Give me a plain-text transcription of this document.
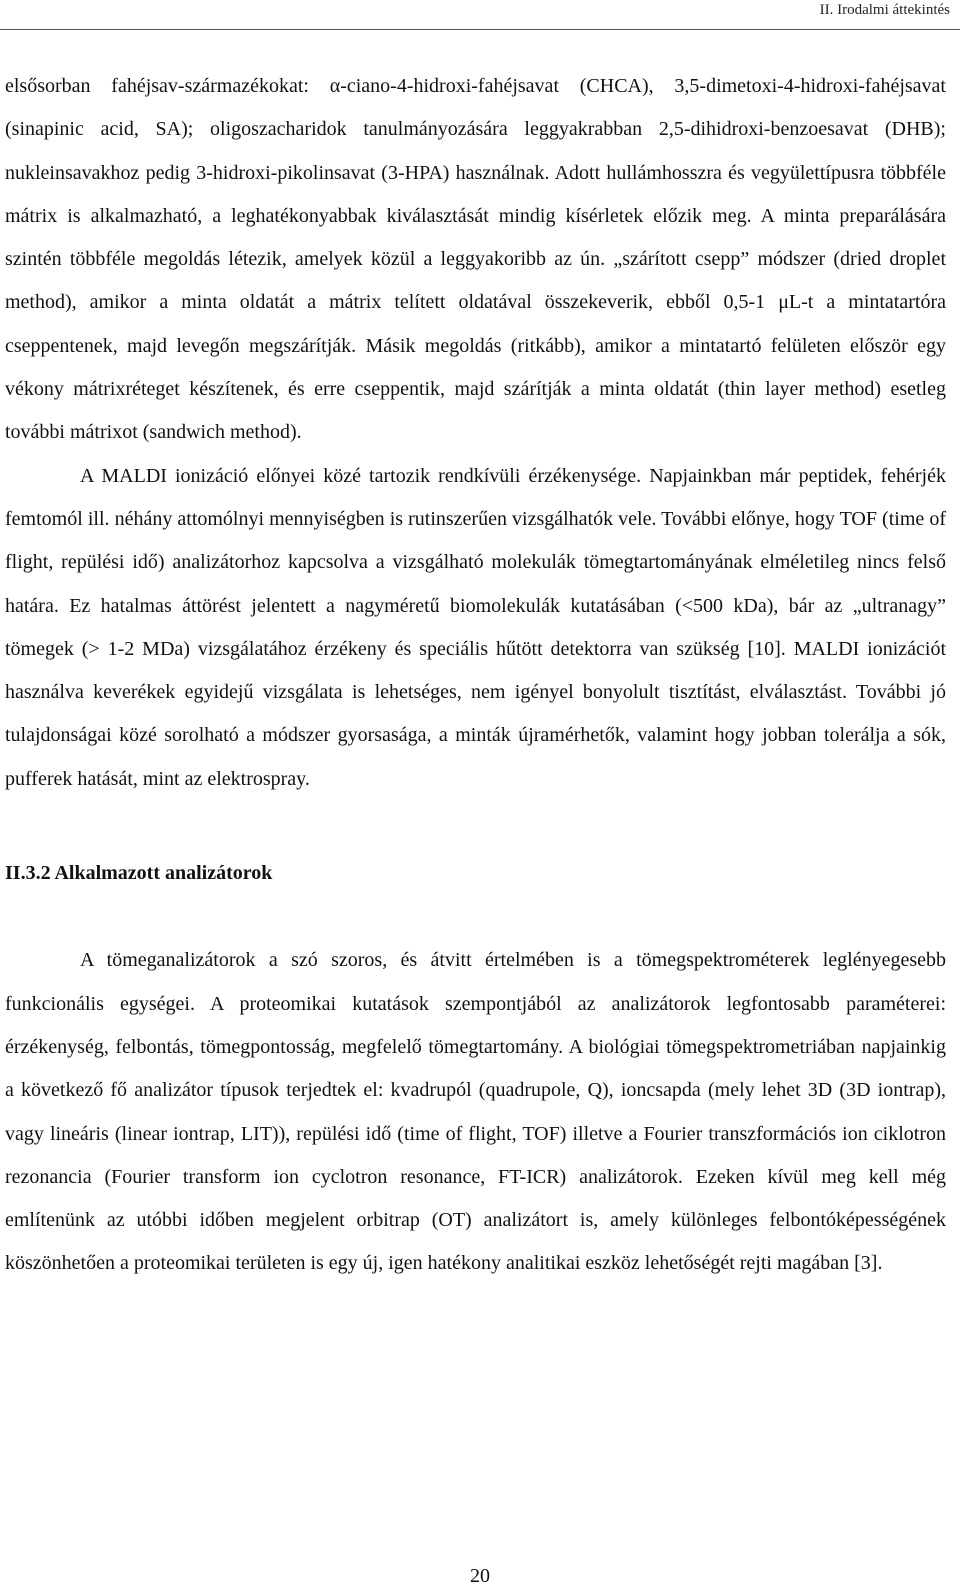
II. Irodalmi áttekintés

elsősorban fahéjsav-származékokat: α-ciano-4-hidroxi-fahéjsavat (CHCA), 3,5-dimetoxi-4-hidroxi-fahéjsavat (sinapinic acid, SA); oligoszacharidok tanulmányozására leggyakrabban 2,5-dihidroxi-benzoesavat (DHB); nukleinsavakhoz pedig 3-hidroxi-pikolinsavat (3-HPA) használnak. Adott hullámhosszra és vegyülettípusra többféle mátrix is alkalmazható, a leghatékonyabbak kiválasztását mindig kísérletek előzik meg. A minta preparálására szintén többféle megoldás létezik, amelyek közül a leggyakoribb az ún. „szárított csepp” módszer (dried droplet method), amikor a minta oldatát a mátrix telített oldatával összekeverik, ebből 0,5-1 μL-t a mintatartóra cseppentenek, majd levegőn megszárítják. Másik megoldás (ritkább), amikor a mintatartó felületen először egy vékony mátrixréteget készítenek, és erre cseppentik, majd szárítják a minta oldatát (thin layer method) esetleg további mátrixot (sandwich method).

A MALDI ionizáció előnyei közé tartozik rendkívüli érzékenysége. Napjainkban már peptidek, fehérjék femtomól ill. néhány attomólnyi mennyiségben is rutinszerűen vizsgálhatók vele. További előnye, hogy TOF (time of flight, repülési idő) analizátorhoz kapcsolva a vizsgálható molekulák tömegtartományának elméletileg nincs felső határa. Ez hatalmas áttörést jelentett a nagyméretű biomolekulák kutatásában (<500 kDa), bár az „ultranagy” tömegek (> 1-2 MDa) vizsgálatához érzékeny és speciális hűtött detektorra van szükség [10]. MALDI ionizációt használva keverékek egyidejű vizsgálata is lehetséges, nem igényel bonyolult tisztítást, elválasztást. További jó tulajdonságai közé sorolható a módszer gyorsasága, a minták újramérhetők, valamint hogy jobban tolerálja a sók, pufferek hatását, mint az elektrospray.

II.3.2 Alkalmazott analizátorok

A tömeganalizátorok a szó szoros, és átvitt értelmében is a tömegspektrométerek leglényegesebb funkcionális egységei. A proteomikai kutatások szempontjából az analizátorok legfontosabb paraméterei: érzékenység, felbontás, tömegpontosság, megfelelő tömegtartomány. A biológiai tömegspektrometriában napjainkig a következő fő analizátor típusok terjedtek el: kvadrupól (quadrupole, Q), ioncsapda (mely lehet 3D (3D iontrap), vagy lineáris (linear iontrap, LIT)), repülési idő (time of flight, TOF) illetve a Fourier transzformációs ion ciklotron rezonancia (Fourier transform ion cyclotron resonance, FT-ICR) analizátorok. Ezeken kívül meg kell még említenünk az utóbbi időben megjelent orbitrap (OT) analizátort is, amely különleges felbontóképességének köszönhetően a proteomikai területen is egy új, igen hatékony analitikai eszköz lehetőségét rejti magában [3].

20
